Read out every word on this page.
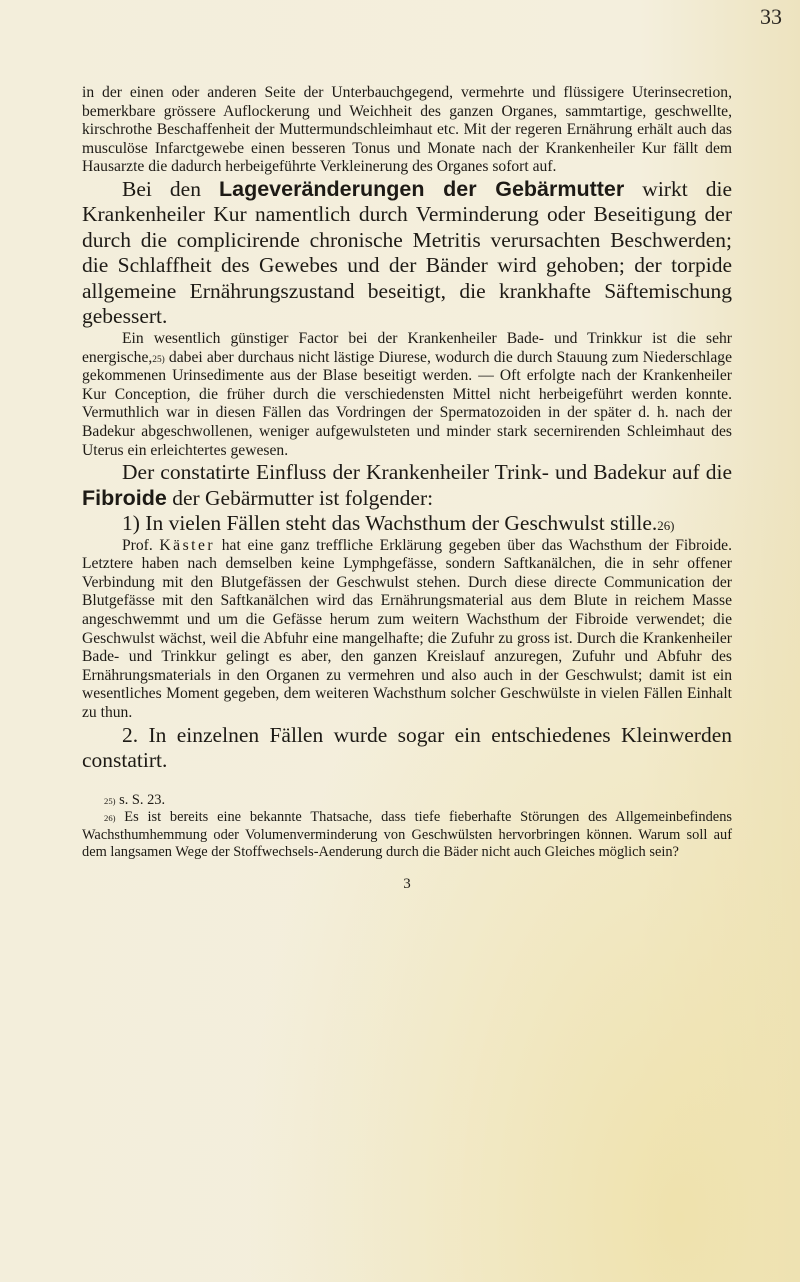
33

in der einen oder anderen Seite der Unterbauchgegend, vermehrte und flüssigere Uterinsecretion, bemerkbare grössere Auflockerung und Weichheit des ganzen Organes, sammtartige, geschwellte, kirschrothe Beschaffenheit der Muttermundschleimhaut etc. Mit der regeren Ernährung erhält auch das musculöse Infarctgewebe einen besseren Tonus und Monate nach der Krankenheiler Kur fällt dem Hausarzte die dadurch herbeigeführte Verkleinerung des Organes sofort auf.

Bei den Lageveränderungen der Gebärmutter wirkt die Krankenheiler Kur namentlich durch Verminderung oder Beseitigung der durch die complicirende chronische Metritis verursachten Beschwerden; die Schlaffheit des Gewebes und der Bänder wird gehoben; der torpide allgemeine Ernährungszustand beseitigt, die krankhafte Säftemischung gebessert.

Ein wesentlich günstiger Factor bei der Krankenheiler Bade- und Trinkkur ist die sehr energische,$^{25)}$ dabei aber durchaus nicht lästige Diurese, wodurch die durch Stauung zum Niederschlage gekommenen Urinsedimente aus der Blase beseitigt werden. — Oft erfolgte nach der Krankenheiler Kur Conception, die früher durch die verschiedensten Mittel nicht herbeigeführt werden konnte. Vermuthlich war in diesen Fällen das Vordringen der Spermatozoiden in der später d. h. nach der Badekur abgeschwollenen, weniger aufgewulsteten und minder stark secernirenden Schleimhaut des Uterus ein erleichtertes gewesen.

Der constatirte Einfluss der Krankenheiler Trink- und Badekur auf die Fibroide der Gebärmutter ist folgender:

1) In vielen Fällen steht das Wachsthum der Geschwulst stille.$^{26)}$

Prof. Käster hat eine ganz treffliche Erklärung gegeben über das Wachsthum der Fibroide. Letztere haben nach demselben keine Lymphgefässe, sondern Saftkanälchen, die in sehr offener Verbindung mit den Blutgefässen der Geschwulst stehen. Durch diese directe Communication der Blutgefässe mit den Saftkanälchen wird das Ernährungsmaterial aus dem Blute in reichem Masse angeschwemmt und um die Gefässe herum zum weitern Wachsthum der Fibroide verwendet; die Geschwulst wächst, weil die Abfuhr eine mangelhafte; die Zufuhr zu gross ist. Durch die Krankenheiler Bade- und Trinkkur gelingt es aber, den ganzen Kreislauf anzuregen, Zufuhr und Abfuhr des Ernährungsmaterials in den Organen zu vermehren und also auch in der Geschwulst; damit ist ein wesentliches Moment gegeben, dem weiteren Wachsthum solcher Geschwülste in vielen Fällen Einhalt zu thun.

2. In einzelnen Fällen wurde sogar ein entschiedenes Kleinwerden constatirt.

$^{25)}$ s. S. 23.

$^{26)}$ Es ist bereits eine bekannte Thatsache, dass tiefe fieberhafte Störungen des Allgemeinbefindens Wachsthumhemmung oder Volumenverminderung von Geschwülsten hervorbringen können. Warum soll auf dem langsamen Wege der Stoffwechsels-Aenderung durch die Bäder nicht auch Gleiches möglich sein?

3
